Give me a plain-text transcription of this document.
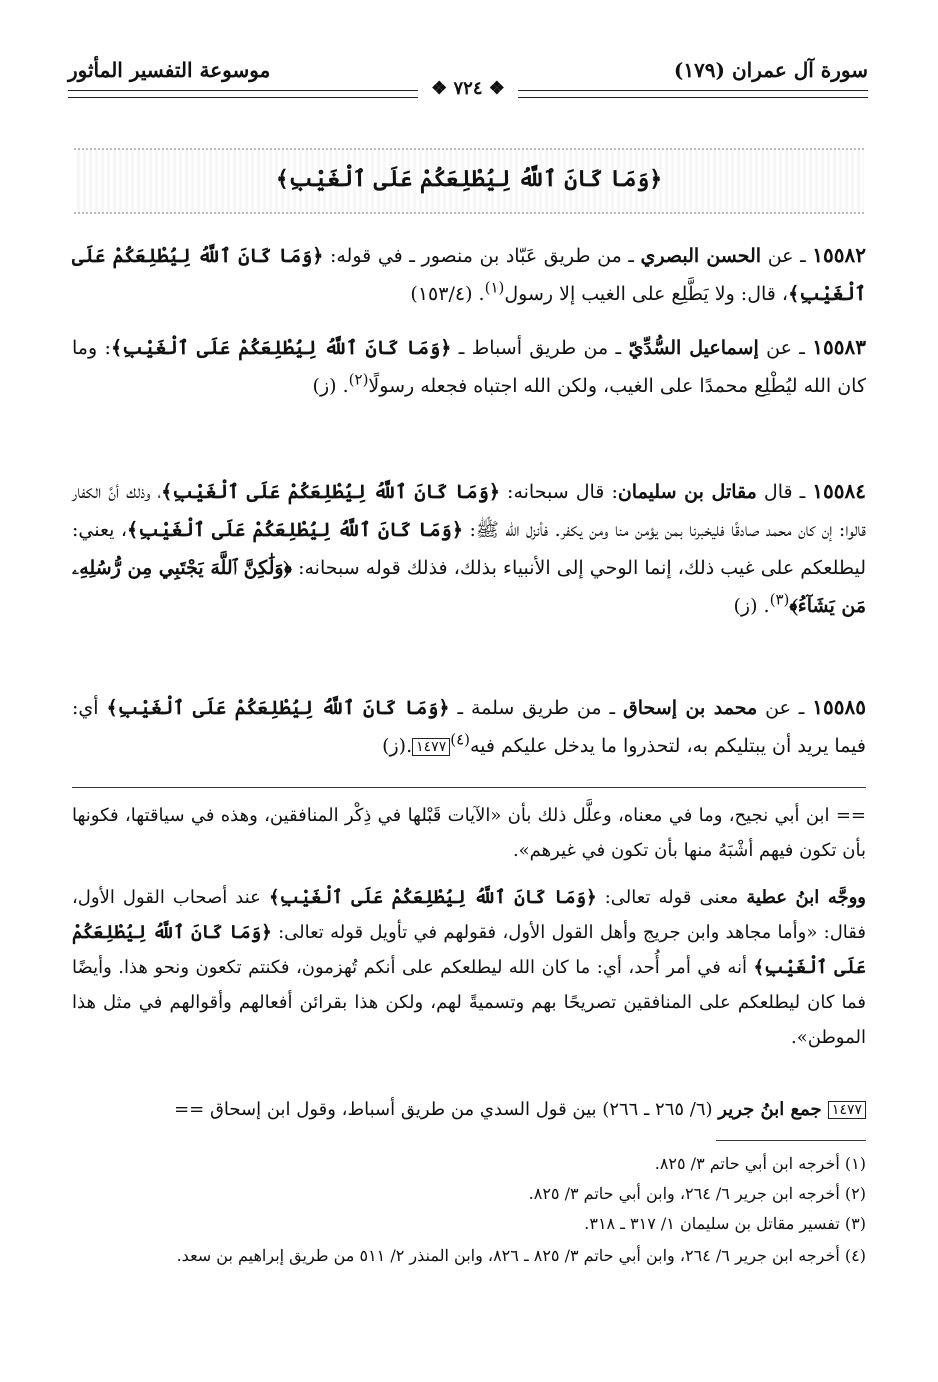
سورة آل عمران (١٧٩)
موسوعة التفسير المأثور
❖ ٧٢٤ ❖
﴿وَمَا كَانَ ٱللَّهُ لِيُطْلِعَكُمْ عَلَى ٱلْغَيْبِ﴾
١٥٥٨٢ ـ عن الحسن البصري ـ من طريق عَبّاد بن منصور ـ في قوله: ﴿وَمَا كَانَ ٱللَّهُ لِيُطْلِعَكُمْ عَلَى ٱلْغَيْبِ﴾، قال: ولا يَطَّلِع على الغيب إلا رسول$^{(١)}$. (١٥٣/٤)
١٥٥٨٣ ـ عن إسماعيل السُّدِّيّ ـ من طريق أسباط ـ ﴿وَمَا كَانَ ٱللَّهُ لِيُطْلِعَكُمْ عَلَى ٱلْغَيْبِ﴾: وما كان الله ليُطْلِع محمدًا على الغيب، ولكن الله اجتباه فجعله رسولًا$^{(٢)}$. (ز)
١٥٥٨٤ ـ قال مقاتل بن سليمان: قال سبحانه: ﴿وَمَا كَانَ ٱللَّهُ لِيُطْلِعَكُمْ عَلَى ٱلْغَيْبِ﴾، وذلك أنَّ الكفار قالوا: إن كان محمد صادقًا فليخبرنا بمن يؤمن منا ومن يكفر. فأنزل الله ﷺ: ﴿وَمَا كَانَ ٱللَّهُ لِيُطْلِعَكُمْ عَلَى ٱلْغَيْبِ﴾، يعني: ليطلعكم على غيب ذلك، إنما الوحي إلى الأنبياء بذلك، فذلك قوله سبحانه: ﴿وَلَٰكِنَّ ٱللَّهَ يَجْتَبِي مِن رُّسُلِهِۦ مَن يَشَآءُ﴾$^{(٣)}$. (ز)
١٥٥٨٥ ـ عن محمد بن إسحاق ـ من طريق سلمة ـ ﴿وَمَا كَانَ ٱللَّهُ لِيُطْلِعَكُمْ عَلَى ٱلْغَيْبِ﴾ أي: فيما يريد أن يبتليكم به، لتحذروا ما يدخل عليكم فيه$^{(٤)}$١٤٧٧.(ز)
== ابن أبي نجيح، وما في معناه، وعلَّل ذلك بأن «الآيات قَبْلها في ذِكْر المنافقين، وهذه في سياقتها، فكونها بأن تكون فيهم أشْبَهُ منها بأن تكون في غيرهم».
ووجَّه ابنُ عطية معنى قوله تعالى: ﴿وَمَا كَانَ ٱللَّهُ لِيُطْلِعَكُمْ عَلَى ٱلْغَيْبِ﴾ عند أصحاب القول الأول، فقال: «وأما مجاهد وابن جريج وأهل القول الأول، فقولهم في تأويل قوله تعالى: ﴿وَمَا كَانَ ٱللَّهُ لِيُطْلِعَكُمْ عَلَى ٱلْغَيْبِ﴾ أنه في أمر أُحد، أي: ما كان الله ليطلعكم على أنكم تُهزمون، فكنتم تكعون ونحو هذا. وأيضًا فما كان ليطلعكم على المنافقين تصريحًا بهم وتسميةً لهم، ولكن هذا بقرائن أفعالهم وأقوالهم في مثل هذا الموطن».
١٤٧٧ جمع ابنُ جرير (٦/ ٢٦٥ ـ ٢٦٦) بين قول السدي من طريق أسباط، وقول ابن إسحاق ==
(١) أخرجه ابن أبي حاتم ٣/ ٨٢٥.
(٢) أخرجه ابن جرير ٦/ ٢٦٤، وابن أبي حاتم ٣/ ٨٢٥.
(٣) تفسير مقاتل بن سليمان ١/ ٣١٧ ـ ٣١٨.
(٤) أخرجه ابن جرير ٦/ ٢٦٤، وابن أبي حاتم ٣/ ٨٢٥ ـ ٨٢٦، وابن المنذر ٢/ ٥١١ من طريق إبراهيم بن سعد.
